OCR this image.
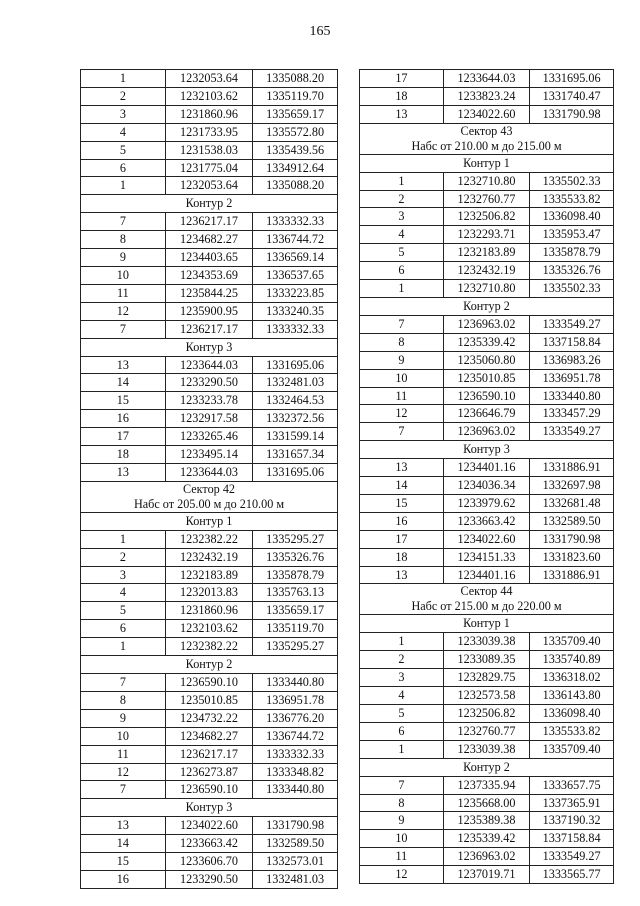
165
1	1232053.64	1335088.20
2	1232103.62	1335119.70
3	1231860.96	1335659.17
4	1231733.95	1335572.80
5	1231538.03	1335439.56
6	1231775.04	1334912.64
1	1232053.64	1335088.20
Контур 2		
7	1236217.17	1333332.33
8	1234682.27	1336744.72
9	1234403.65	1336569.14
10	1234353.69	1336537.65
11	1235844.25	1333223.85
12	1235900.95	1333240.35
7	1236217.17	1333332.33
Контур 3		
13	1233644.03	1331695.06
14	1233290.50	1332481.03
15	1233233.78	1332464.53
16	1232917.58	1332372.56
17	1233265.46	1331599.14
18	1233495.14	1331657.34
13	1233644.03	1331695.06

Сектор 42
Набс от 205.00 м до 210.00 м		

Контур 1		
1	1232382.22	1335295.27
2	1232432.19	1335326.76
3	1232183.89	1335878.79
4	1232013.83	1335763.13
5	1231860.96	1335659.17
6	1232103.62	1335119.70
1	1232382.22	1335295.27
Контур 2		
7	1236590.10	1333440.80
8	1235010.85	1336951.78
9	1234732.22	1336776.20
10	1234682.27	1336744.72
11	1236217.17	1333332.33
12	1236273.87	1333348.82
7	1236590.10	1333440.80
Контур 3		
13	1234022.60	1331790.98
14	1233663.42	1332589.50
15	1233606.70	1332573.01
16	1233290.50	1332481.03
17	1233644.03	1331695.06
18	1233823.24	1331740.47
13	1234022.60	1331790.98

Сектор 43
Набс от 210.00 м до 215.00 м		

Контур 1		
1	1232710.80	1335502.33
2	1232760.77	1335533.82
3	1232506.82	1336098.40
4	1232293.71	1335953.47
5	1232183.89	1335878.79
6	1232432.19	1335326.76
1	1232710.80	1335502.33
Контур 2		
7	1236963.02	1333549.27
8	1235339.42	1337158.84
9	1235060.80	1336983.26
10	1235010.85	1336951.78
11	1236590.10	1333440.80
12	1236646.79	1333457.29
7	1236963.02	1333549.27
Контур 3		
13	1234401.16	1331886.91
14	1234036.34	1332697.98
15	1233979.62	1332681.48
16	1233663.42	1332589.50
17	1234022.60	1331790.98
18	1234151.33	1331823.60
13	1234401.16	1331886.91

Сектор 44
Набс от 215.00 м до 220.00 м		

Контур 1		
1	1233039.38	1335709.40
2	1233089.35	1335740.89
3	1232829.75	1336318.02
4	1232573.58	1336143.80
5	1232506.82	1336098.40
6	1232760.77	1335533.82
1	1233039.38	1335709.40
Контур 2		
7	1237335.94	1333657.75
8	1235668.00	1337365.91
9	1235389.38	1337190.32
10	1235339.42	1337158.84
11	1236963.02	1333549.27
12	1237019.71	1333565.77
